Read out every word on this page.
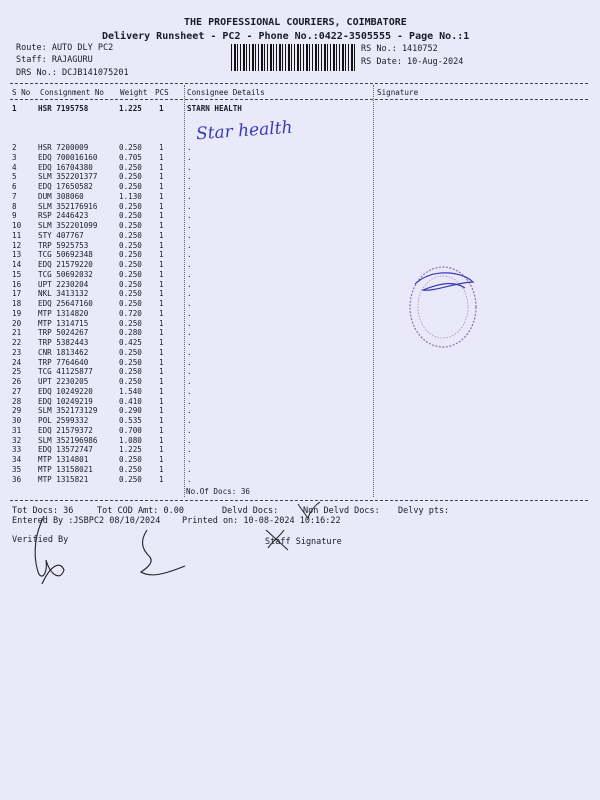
THE PROFESSIONAL COURIERS, COIMBATORE
Delivery Runsheet - PC2 - Phone No.:0422-3505555 - Page No.:1
Route: AUTO DLY PC2
Staff: RAJAGURU
DRS No.: DCJB141075201
RS No.: 1410752
RS Date: 10-Aug-2024
S No Consignment No Weight PCS Consignee Details	Signature
1	HSR 7195758	1.225	1	STARN HEALTH
2	HSR 7200009	0.250	1	.
3	EDQ 700016160	0.705	1	.
4	EDQ 16704380	0.250	1	.
5	SLM 352201377	0.250	1	.
6	EDQ 17650582	0.250	1	.
7	DUM 308060	1.130	1	.
8	SLM 352176916	0.250	1	.
9	RSP 2446423	0.250	1	.
10	SLM 352201099	0.250	1	.
11	STY 407767	0.250	1	.
12	TRP 5925753	0.250	1	.
13	TCG 50692348	0.250	1	.
14	EDQ 21579220	0.250	1	.
15	TCG 50692032	0.250	1	.
16	UPT 2230204	0.250	1	.
17	NKL 3413132	0.250	1	.
18	EDQ 25647160	0.250	1	.
19	MTP 1314820	0.720	1	.
20	MTP 1314715	0.250	1	.
21	TRP 5024267	0.280	1	.
22	TRP 5382443	0.425	1	.
23	CNR 1813462	0.250	1	.
24	TRP 7764640	0.250	1	.
25	TCG 41125877	0.250	1	.
26	UPT 2230205	0.250	1	.
27	EDQ 10249220	1.540	1	.
28	EDQ 10249219	0.410	1	.
29	SLM 352173129	0.290	1	.
30	POL 2599332	0.535	1	.
31	EDQ 21579372	0.700	1	.
32	SLM 352196986	1.080	1	.
33	EDQ 13572747	1.225	1	.
34	MTP 1314801	0.250	1	.
35	MTP 13158021	0.250	1	.
36	MTP 1315821	0.250	1	.
Star health
No.Of Docs: 36
Tot Docs: 36	Tot COD Amt: 0.00	Delvd Docs:	Non Delvd Docs: Delvy pts:
Entered By :JSBPC2 08/10/2024	Printed on: 10-08-2024 10:16:22
Verified By	Staff Signature
